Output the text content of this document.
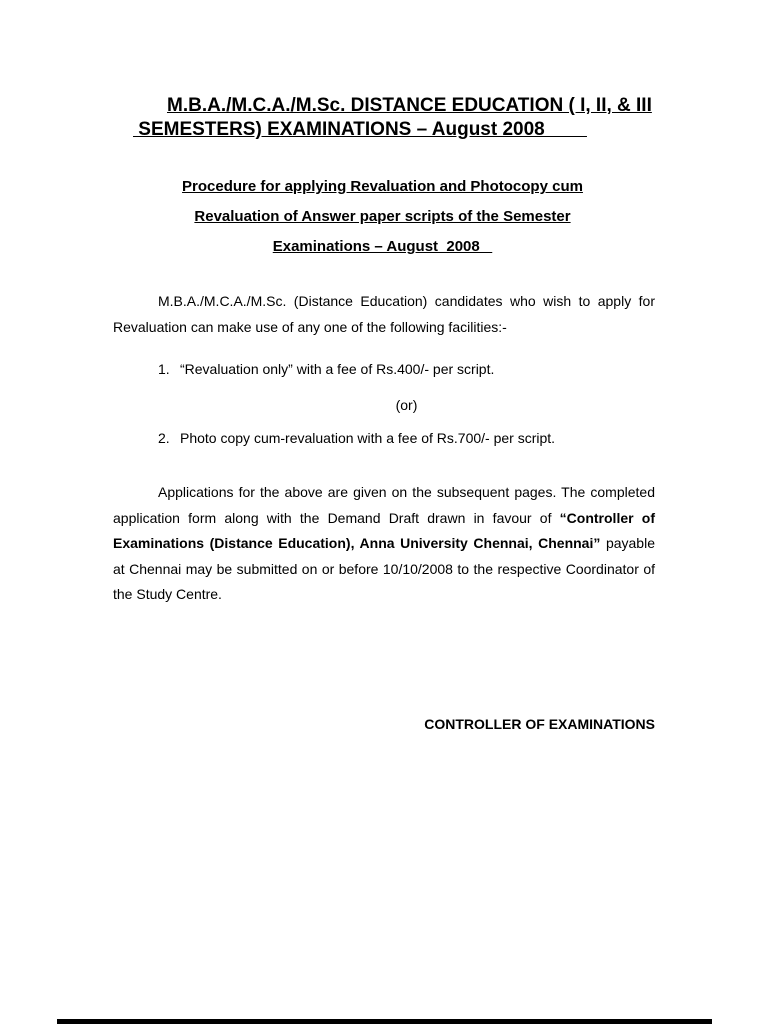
M.B.A./M.C.A./M.Sc. DISTANCE EDUCATION ( I, II, & III
SEMESTERS) EXAMINATIONS – August 2008
Procedure for applying Revaluation and Photocopy cum
Revaluation of Answer paper scripts of the Semester
Examinations – August  2008

M.B.A./M.C.A./M.Sc. (Distance Education) candidates who wish to apply for Revaluation can make use of any one of the following facilities:-

1. “Revaluation only” with a fee of Rs.400/- per script.
(or)
2. Photo copy cum-revaluation with a fee of Rs.700/- per script.

Applications for the above are given on the subsequent pages. The completed application form along with the Demand Draft drawn in favour of “Controller of Examinations (Distance Education), Anna University Chennai, Chennai” payable at Chennai may be submitted on or before 10/10/2008 to the respective Coordinator of the Study Centre.

CONTROLLER OF EXAMINATIONS
